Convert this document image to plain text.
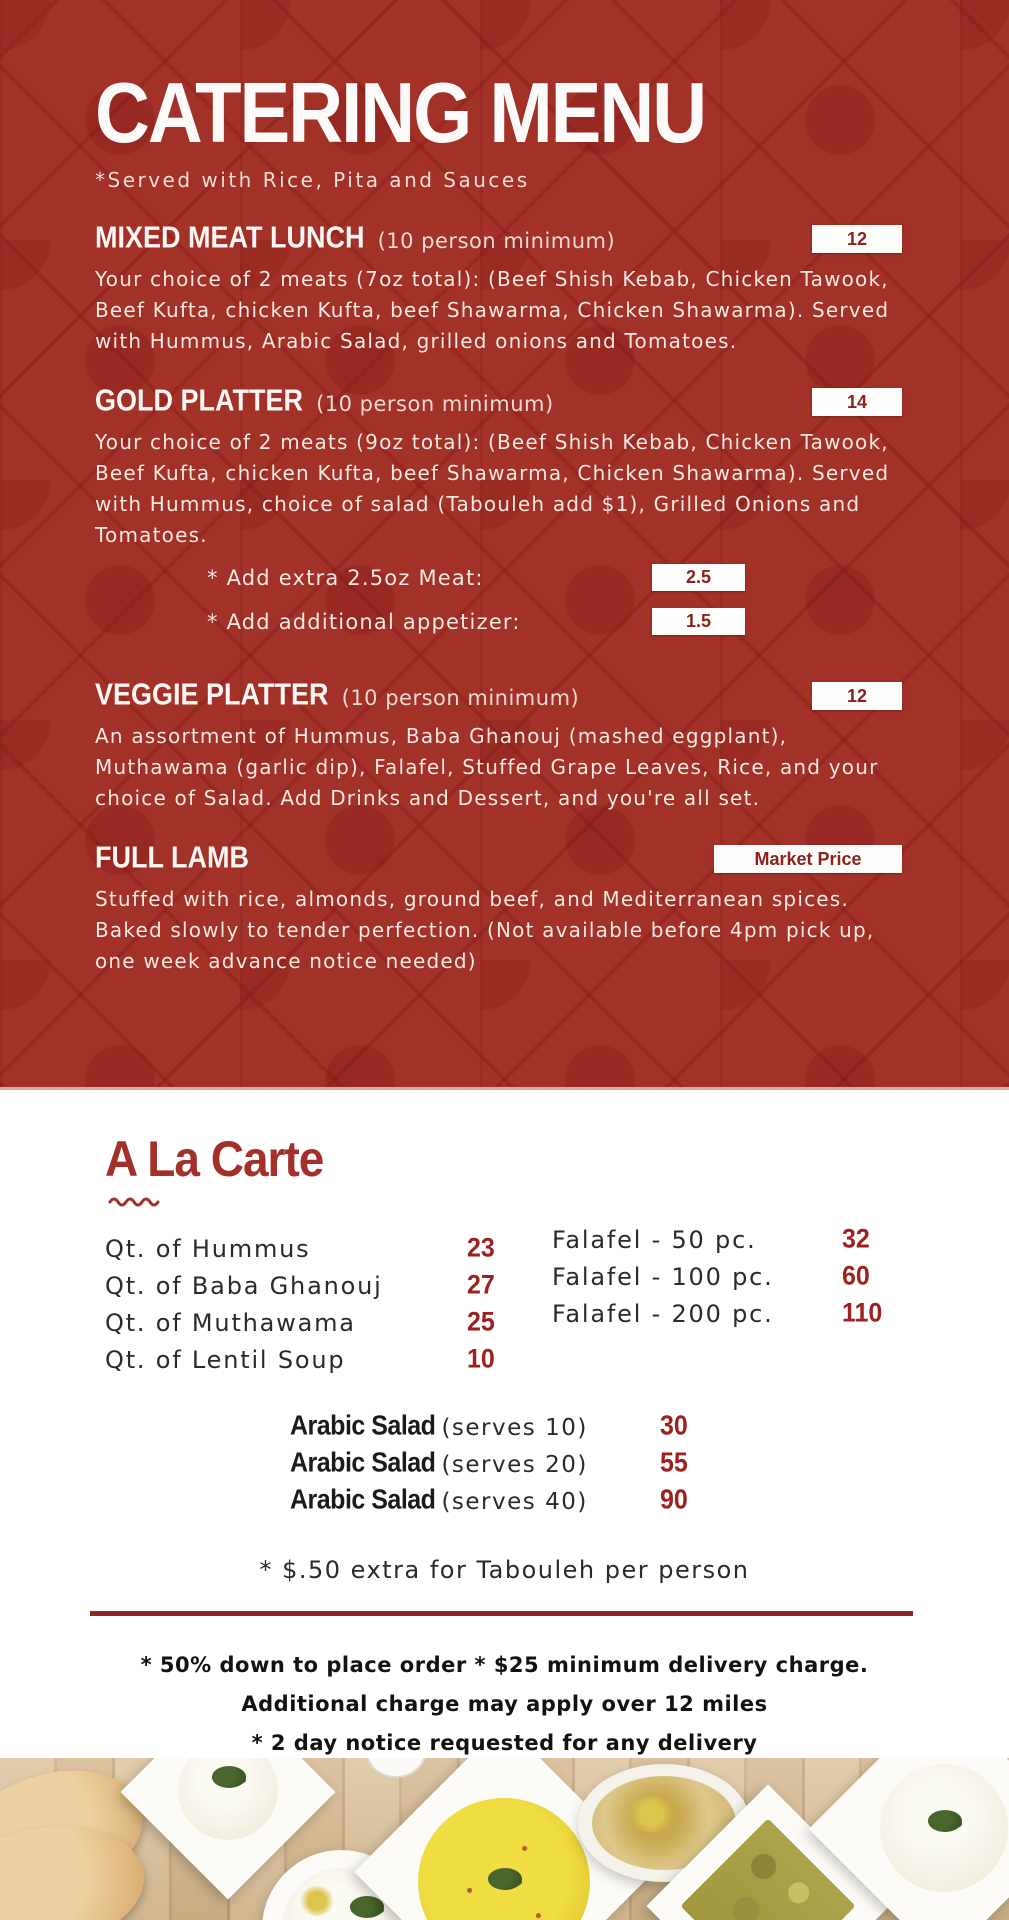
CATERING MENU
*Served with Rice, Pita and Sauces
MIXED MEAT LUNCH (10 person minimum)	12

Your choice of 2 meats (7oz total): (Beef Shish Kebab, Chicken Tawook, Beef Kufta, chicken Kufta, beef Shawarma, Chicken Shawarma). Served with Hummus, Arabic Salad, grilled onions and Tomatoes.

GOLD PLATTER (10 person minimum)	14

Your choice of 2 meats (9oz total): (Beef Shish Kebab, Chicken Tawook, Beef Kufta, chicken Kufta, beef Shawarma, Chicken Shawarma). Served with Hummus, choice of salad (Tabouleh add $1), Grilled Onions and Tomatoes.

* Add extra 2.5oz Meat:	2.5
* Add additional appetizer:	1.5
VEGGIE PLATTER (10 person minimum)	12

An assortment of Hummus, Baba Ghanouj (mashed eggplant), Muthawama (garlic dip), Falafel, Stuffed Grape Leaves, Rice, and your choice of Salad. Add Drinks and Dessert, and you're all set.

FULL LAMB	Market Price

Stuffed with rice, almonds, ground beef, and Mediterranean spices. Baked slowly to tender perfection. (Not available before 4pm pick up, one week advance notice needed)

A La Carte
Qt. of Hummus	23
Qt. of Baba Ghanouj	27
Qt. of Muthawama	25
Qt. of Lentil Soup	10
Falafel - 50 pc.	32
Falafel - 100 pc.	60
Falafel - 200 pc.	110
Arabic Salad (serves 10)	30
Arabic Salad (serves 20)	55
Arabic Salad (serves 40)	90
* $.50 extra for Tabouleh per person
* 50% down to place order * $25 minimum delivery charge.
Additional charge may apply over 12 miles
* 2 day notice requested for any delivery
